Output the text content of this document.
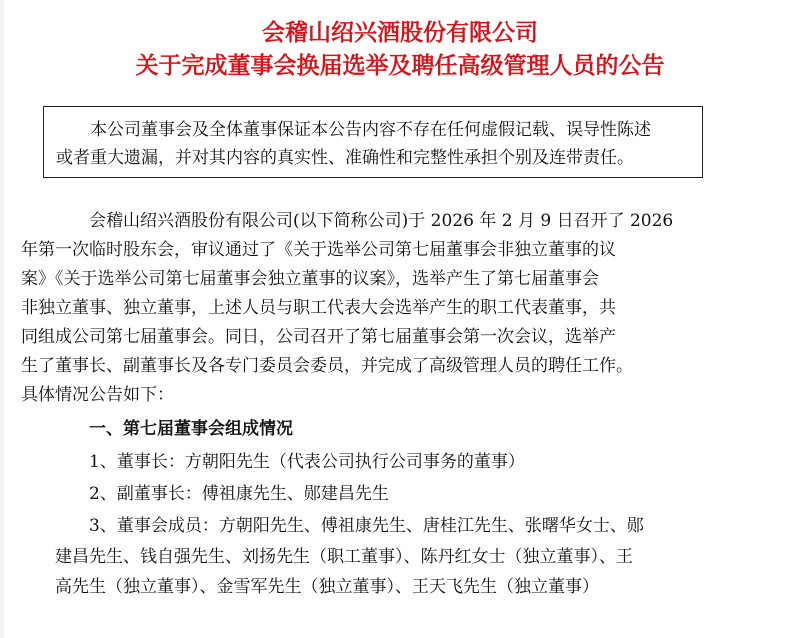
会稽山绍兴酒股份有限公司
关于完成董事会换届选举及聘任高级管理人员的公告
本公司董事会及全体董事保证本公告内容不存在任何虚假记载、误导性陈述
或者重大遗漏，并对其内容的真实性、准确性和完整性承担个别及连带责任。
会稽山绍兴酒股份有限公司(以下简称公司)于 2026 年 2 月 9 日召开了 2026
年第一次临时股东会，审议通过了《关于选举公司第七届董事会非独立董事的议
案》《关于选举公司第七届董事会独立董事的议案》，选举产生了第七届董事会
非独立董事、独立董事，上述人员与职工代表大会选举产生的职工代表董事，共
同组成公司第七届董事会。同日，公司召开了第七届董事会第一次会议，选举产
生了董事长、副董事长及各专门委员会委员，并完成了高级管理人员的聘任工作。
具体情况公告如下：
一、第七届董事会组成情况
1、董事长：方朝阳先生（代表公司执行公司事务的董事）
2、副董事长：傅祖康先生、郧建昌先生
3、董事会成员：方朝阳先生、傅祖康先生、唐桂江先生、张曙华女士、郧
建昌先生、钱自强先生、刘扬先生（职工董事）、陈丹红女士（独立董事）、王
高先生（独立董事）、金雪军先生（独立董事）、王天飞先生（独立董事）
